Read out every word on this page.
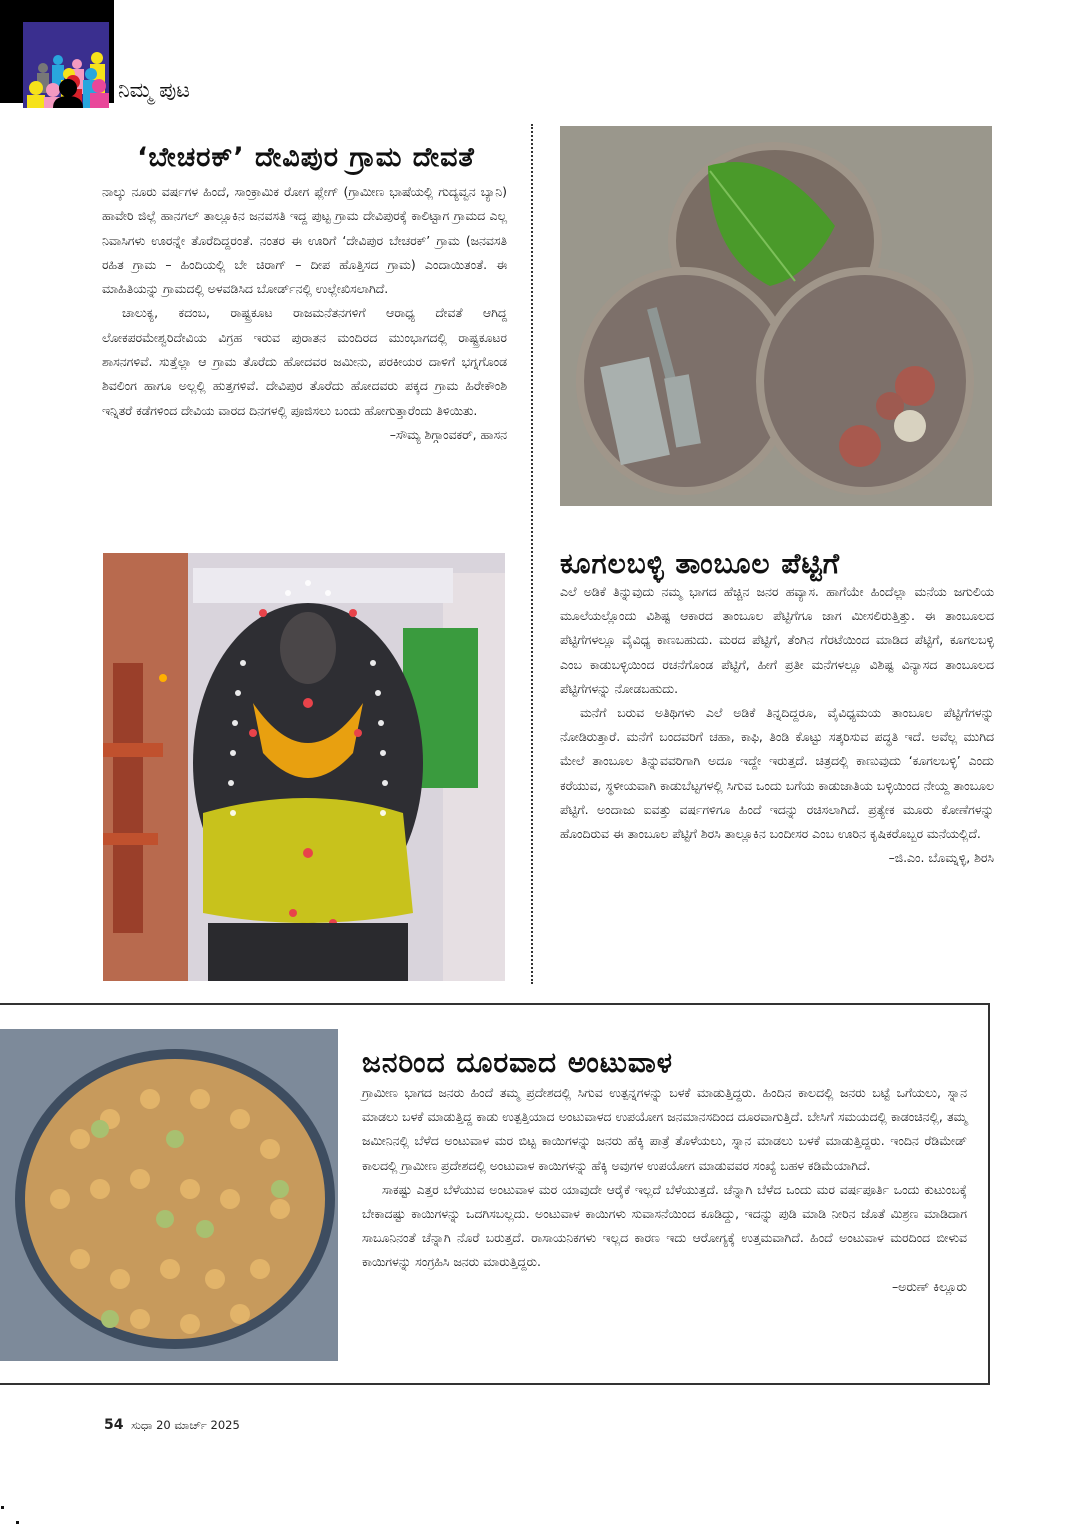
ನಿಮ್ಮ ಪುಟ
‘ಬೇಚರಕ್’ ದೇವಿಪುರ ಗ್ರಾಮ ದೇವತೆ

ನಾಲ್ಕು ನೂರು ವರ್ಷಗಳ ಹಿಂದೆ, ಸಾಂಕ್ರಾಮಿಕ ರೋಗ ಪ್ಲೇಗ್ (ಗ್ರಾಮೀಣ ಭಾಷೆಯಲ್ಲಿ ಗುದ್ಯವ್ವನ ಬ್ಯಾನಿ) ಹಾವೇರಿ ಜಿಲ್ಲೆ ಹಾನಗಲ್ ತಾಲ್ಲೂಕಿನ ಜನವಸತಿ ಇದ್ದ ಪುಟ್ಟ ಗ್ರಾಮ ದೇವಿಪುರಕ್ಕೆ ಕಾಲಿಟ್ಟಾಗ ಗ್ರಾಮದ ಎಲ್ಲ ನಿವಾಸಿಗಳು ಊರನ್ನೇ ತೊರೆದಿದ್ದರಂತೆ. ನಂತರ ಈ ಊರಿಗೆ ‘ದೇವಿಪುರ ಬೇಚರಕ್’ ಗ್ರಾಮ (ಜನವಸತಿ ರಹಿತ ಗ್ರಾಮ – ಹಿಂದಿಯಲ್ಲಿ ಬೇ ಚಿರಾಗ್ – ದೀಪ ಹೊತ್ತಿಸದ ಗ್ರಾಮ) ಎಂದಾಯಿತಂತೆ. ಈ ಮಾಹಿತಿಯನ್ನು ಗ್ರಾಮದಲ್ಲಿ ಅಳವಡಿಸಿದ ಬೋರ್ಡ್‌ನಲ್ಲಿ ಉಲ್ಲೇಖಿಸಲಾಗಿದೆ.

ಚಾಲುಕ್ಯ, ಕದಂಬ, ರಾಷ್ಟ್ರಕೂಟ ರಾಜಮನೆತನಗಳಿಗೆ ಆರಾಧ್ಯ ದೇವತೆ ಆಗಿದ್ದ ಲೋಕಪರಮೇಶ್ವರಿದೇವಿಯ ವಿಗ್ರಹ ಇರುವ ಪುರಾತನ ಮಂದಿರದ ಮುಂಭಾಗದಲ್ಲಿ ರಾಷ್ಟ್ರಕೂಟರ ಶಾಸನಗಳಿವೆ. ಸುತ್ತೆಲ್ಲಾ ಆ ಗ್ರಾಮ ತೊರೆದು ಹೋದವರ ಜಮೀನು, ಪರಕೀಯರ ದಾಳಿಗೆ ಭಗ್ನಗೊಂಡ ಶಿವಲಿಂಗ ಹಾಗೂ ಅಲ್ಲಲ್ಲಿ ಹುತ್ತಗಳಿವೆ. ದೇವಿಪುರ ತೊರೆದು ಹೋದವರು ಪಕ್ಕದ ಗ್ರಾಮ ಹಿರೇಕೌಂಶಿ ಇನ್ನಿತರೆ ಕಡೆಗಳಿಂದ ದೇವಿಯ ವಾರದ ದಿನಗಳಲ್ಲಿ ಪೂಜಿಸಲು ಬಂದು ಹೋಗುತ್ತಾರೆಂದು ತಿಳಿಯಿತು.

–ಸೌಮ್ಯ ಶಿಗ್ಗಾಂವಕರ್, ಹಾಸನ

ಕೂಗಲಬಳ್ಳಿ ತಾಂಬೂಲ ಪೆಟ್ಟಿಗೆ

ಎಲೆ ಅಡಿಕೆ ತಿನ್ನುವುದು ನಮ್ಮ ಭಾಗದ ಹೆಚ್ಚಿನ ಜನರ ಹವ್ಯಾಸ. ಹಾಗೆಯೇ ಹಿಂದೆಲ್ಲಾ ಮನೆಯ ಜಗುಲಿಯ ಮೂಲೆಯಲ್ಲೊಂದು ವಿಶಿಷ್ಟ ಆಕಾರದ ತಾಂಬೂಲ ಪೆಟ್ಟಿಗೆಗೂ ಜಾಗ ಮೀಸಲಿರುತ್ತಿತ್ತು. ಈ ತಾಂಬೂಲದ ಪೆಟ್ಟಿಗೆಗಳಲ್ಲೂ ವೈವಿಧ್ಯ ಕಾಣಬಹುದು. ಮರದ ಪೆಟ್ಟಿಗೆ, ತೆಂಗಿನ ಗೆರಟೆಯಿಂದ ಮಾಡಿದ ಪೆಟ್ಟಿಗೆ, ಕೂಗಲಬಳ್ಳಿ ಎಂಬ ಕಾಡುಬಳ್ಳಿಯಿಂದ ರಚನೆಗೊಂಡ ಪೆಟ್ಟಿಗೆ, ಹೀಗೆ ಪ್ರತೀ ಮನೆಗಳಲ್ಲೂ ವಿಶಿಷ್ಟ ವಿನ್ಯಾಸದ ತಾಂಬೂಲದ ಪೆಟ್ಟಿಗೆಗಳನ್ನು ನೋಡಬಹುದು.

ಮನೆಗೆ ಬರುವ ಅತಿಥಿಗಳು ಎಲೆ ಅಡಿಕೆ ತಿನ್ನದಿದ್ದರೂ, ವೈವಿಧ್ಯಮಯ ತಾಂಬೂಲ ಪೆಟ್ಟಿಗೆಗಳನ್ನು ನೋಡಿರುತ್ತಾರೆ. ಮನೆಗೆ ಬಂದವರಿಗೆ ಚಹಾ, ಕಾಫಿ, ತಿಂಡಿ ಕೊಟ್ಟು ಸತ್ಕರಿಸುವ ಪದ್ಧತಿ ಇದೆ. ಅವೆಲ್ಲ ಮುಗಿದ ಮೇಲೆ ತಾಂಬೂಲ ತಿನ್ನುವವರಿಗಾಗಿ ಅದೂ ಇದ್ದೇ ಇರುತ್ತದೆ. ಚಿತ್ರದಲ್ಲಿ ಕಾಣುವುದು ‘ಕೂಗಲಬಳ್ಳಿ’ ಎಂದು ಕರೆಯುವ, ಸ್ಥಳೀಯವಾಗಿ ಕಾಡುಬೆಟ್ಟಗಳಲ್ಲಿ ಸಿಗುವ ಒಂದು ಬಗೆಯ ಕಾಡುಜಾತಿಯ ಬಳ್ಳಿಯಿಂದ ನೇಯ್ದ ತಾಂಬೂಲ ಪೆಟ್ಟಿಗೆ. ಅಂದಾಜು ಐವತ್ತು ವರ್ಷಗಳಿಗೂ ಹಿಂದೆ ಇದನ್ನು ರಚಿಸಲಾಗಿದೆ. ಪ್ರತ್ಯೇಕ ಮೂರು ಕೋಣೆಗಳನ್ನು ಹೊಂದಿರುವ ಈ ತಾಂಬೂಲ ಪೆಟ್ಟಿಗೆ ಶಿರಸಿ ತಾಲ್ಲೂಕಿನ ಬಂದೀಸರ ಎಂಬ ಊರಿನ ಕೃಷಿಕರೊಬ್ಬರ ಮನೆಯಲ್ಲಿದೆ.

–ಜಿ.ಎಂ. ಬೊಮ್ನಳ್ಳಿ, ಶಿರಸಿ

ಜನರಿಂದ ದೂರವಾದ ಅಂಟುವಾಳ

ಗ್ರಾಮೀಣ ಭಾಗದ ಜನರು ಹಿಂದೆ ತಮ್ಮ ಪ್ರದೇಶದಲ್ಲಿ ಸಿಗುವ ಉತ್ಪನ್ನಗಳನ್ನು ಬಳಕೆ ಮಾಡುತ್ತಿದ್ದರು. ಹಿಂದಿನ ಕಾಲದಲ್ಲಿ ಜನರು ಬಟ್ಟೆ ಒಗೆಯಲು, ಸ್ನಾನ ಮಾಡಲು ಬಳಕೆ ಮಾಡುತ್ತಿದ್ದ ಕಾಡು ಉತ್ಪತ್ತಿಯಾದ ಅಂಟುವಾಳದ ಉಪಯೋಗ ಜನಮಾನಸದಿಂದ ದೂರವಾಗುತ್ತಿದೆ. ಬೇಸಿಗೆ ಸಮಯದಲ್ಲಿ ಕಾಡಂಚಿನಲ್ಲಿ, ತಮ್ಮ ಜಮೀನಿನಲ್ಲಿ ಬೆಳೆದ ಅಂಟುವಾಳ ಮರ ಬಿಟ್ಟ ಕಾಯಿಗಳನ್ನು ಜನರು ಹೆಕ್ಕಿ ಪಾತ್ರೆ ತೊಳೆಯಲು, ಸ್ನಾನ ಮಾಡಲು ಬಳಕೆ ಮಾಡುತ್ತಿದ್ದರು. ಇಂದಿನ ರೆಡಿಮೇಡ್ ಕಾಲದಲ್ಲಿ ಗ್ರಾಮೀಣ ಪ್ರದೇಶದಲ್ಲಿ ಅಂಟುವಾಳ ಕಾಯಿಗಳನ್ನು ಹೆಕ್ಕಿ ಅವುಗಳ ಉಪಯೋಗ ಮಾಡುವವರ ಸಂಖ್ಯೆ ಬಹಳ ಕಡಿಮೆಯಾಗಿದೆ.

ಸಾಕಷ್ಟು ಎತ್ತರ ಬೆಳೆಯುವ ಅಂಟುವಾಳ ಮರ ಯಾವುದೇ ಆರೈಕೆ ಇಲ್ಲದೆ ಬೆಳೆಯುತ್ತದೆ. ಚೆನ್ನಾಗಿ ಬೆಳೆದ ಒಂದು ಮರ ವರ್ಷಪೂರ್ತಿ ಒಂದು ಕುಟುಂಬಕ್ಕೆ ಬೇಕಾದಷ್ಟು ಕಾಯಿಗಳನ್ನು ಒದಗಿಸಬಲ್ಲದು. ಅಂಟುವಾಳ ಕಾಯಿಗಳು ಸುವಾಸನೆಯಿಂದ ಕೂಡಿದ್ದು, ಇದನ್ನು ಪುಡಿ ಮಾಡಿ ನೀರಿನ ಜೊತೆ ಮಿಶ್ರಣ ಮಾಡಿದಾಗ ಸಾಬೂನಿನಂತೆ ಚೆನ್ನಾಗಿ ನೊರೆ ಬರುತ್ತದೆ. ರಾಸಾಯನಿಕಗಳು ಇಲ್ಲದ ಕಾರಣ ಇದು ಆರೋಗ್ಯಕ್ಕೆ ಉತ್ತಮವಾಗಿದೆ. ಹಿಂದೆ ಅಂಟುವಾಳ ಮರದಿಂದ ಬೀಳುವ ಕಾಯಿಗಳನ್ನು ಸಂಗ್ರಹಿಸಿ ಜನರು ಮಾರುತ್ತಿದ್ದರು.

–ಅರುಣ್ ಕಿಲ್ಲೂರು

54 ಸುಧಾ 20 ಮಾರ್ಚ್ 2025
